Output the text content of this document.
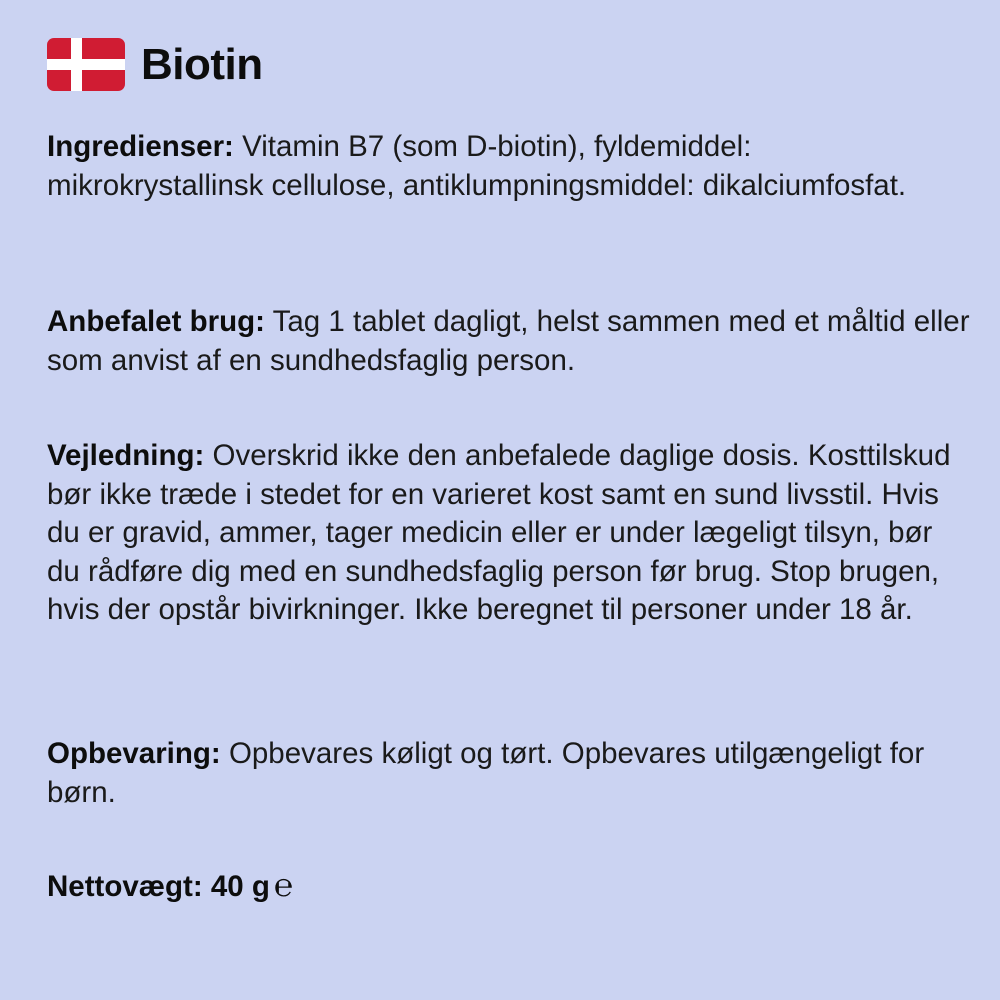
Biotin

Ingredienser: Vitamin B7 (som D-biotin), fyldemiddel: mikrokrystallinsk cellulose, antiklumpningsmiddel: dikalciumfosfat.

Anbefalet brug: Tag 1 tablet dagligt, helst sammen med et måltid eller som anvist af en sundhedsfaglig person.

Vejledning: Overskrid ikke den anbefalede daglige dosis. Kosttilskud bør ikke træde i stedet for en varieret kost samt en sund livsstil. Hvis du er gravid, ammer, tager medicin eller er under lægeligt tilsyn, bør du rådføre dig med en sundhedsfaglig person før brug. Stop brugen, hvis der opstår bivirkninger. Ikke beregnet til personer under 18 år.

Opbevaring: Opbevares køligt og tørt. Opbevares utilgængeligt for børn.

Nettovægt: 40 g ℮
